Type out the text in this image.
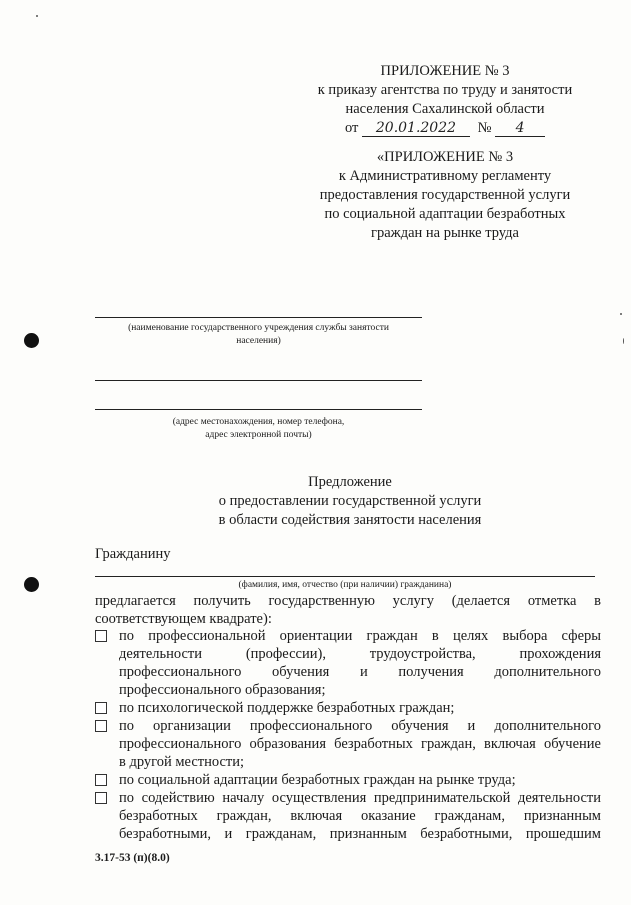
ПРИЛОЖЕНИЕ № 3
к приказу агентства по труду и занятости
населения Сахалинской области
от 20.01.2022 № 4
«ПРИЛОЖЕНИЕ № 3
к Административному регламенту
предоставления государственной услуги
по социальной адаптации безработных
граждан на рынке труда
(наименование государственного учреждения службы занятости
населения)
(адрес местонахождения, номер телефона,
адрес электронной почты)
Предложение
о предоставлении государственной услуги
в области содействия занятости населения
Гражданину
(фамилия, имя, отчество (при наличии) гражданина)
предлагается получить государственную услугу (делается отметка в
соответствующем квадрате):
по профессиональной ориентации граждан в целях выбора сферы
деятельности (профессии), трудоустройства, прохождения
профессионального обучения и получения дополнительного
профессионального образования;
по психологической поддержке безработных граждан;
по организации профессионального обучения и дополнительного
профессионального образования безработных граждан, включая обучение
в другой местности;
по социальной адаптации безработных граждан на рынке труда;
по содействию началу осуществления предпринимательской деятельности
безработных граждан, включая оказание гражданам, признанным
безработными, и гражданам, признанным безработными, прошедшим
3.17-53 (п)(8.0)
